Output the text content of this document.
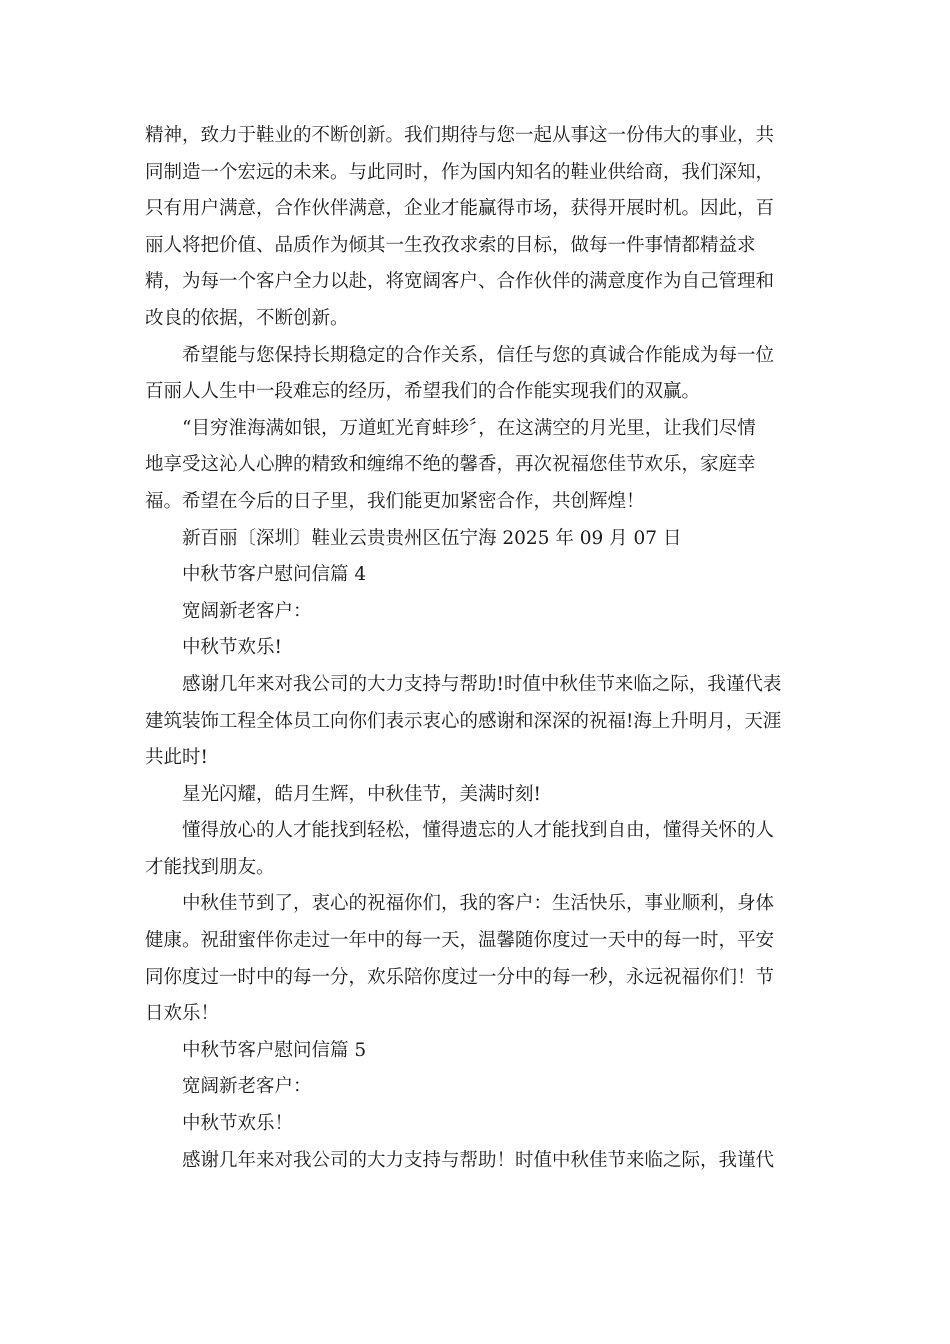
精神，致力于鞋业的不断创新。我们期待与您一起从事这一份伟大的事业，共
同制造一个宏远的未来。与此同时，作为国内知名的鞋业供给商，我们深知，
只有用户满意，合作伙伴满意，企业才能赢得市场，获得开展时机。因此，百
丽人将把价值、品质作为倾其一生孜孜求索的目标，做每一件事情都精益求
精，为每一个客户全力以赴，将宽阔客户、合作伙伴的满意度作为自己管理和
改良的依据，不断创新。
希望能与您保持长期稳定的合作关系，信任与您的真诚合作能成为每一位
百丽人人生中一段难忘的经历，希望我们的合作能实现我们的双赢。
“目穷淮海满如银，万道虹光育蚌珍〞，在这满空的月光里，让我们尽情
地享受这沁人心脾的精致和缠绵不绝的馨香，再次祝福您佳节欢乐，家庭幸
福。希望在今后的日子里，我们能更加紧密合作，共创辉煌！
新百丽〔深圳〕鞋业云贵贵州区伍宁海 2025 年 09 月 07 日
中秋节客户慰问信篇 4
宽阔新老客户：
中秋节欢乐!
感谢几年来对我公司的大力支持与帮助!时值中秋佳节来临之际，我谨代表
建筑装饰工程全体员工向你们表示衷心的感谢和深深的祝福!海上升明月，天涯
共此时!
星光闪耀，皓月生辉，中秋佳节，美满时刻!
懂得放心的人才能找到轻松，懂得遗忘的人才能找到自由，懂得关怀的人
才能找到朋友。
中秋佳节到了，衷心的祝福你们，我的客户：生活快乐，事业顺利，身体
健康。祝甜蜜伴你走过一年中的每一天，温馨随你度过一天中的每一时，平安
同你度过一时中的每一分，欢乐陪你度过一分中的每一秒，永远祝福你们！节
日欢乐！
中秋节客户慰问信篇 5
宽阔新老客户：
中秋节欢乐！
感谢几年来对我公司的大力支持与帮助！时值中秋佳节来临之际，我谨代
